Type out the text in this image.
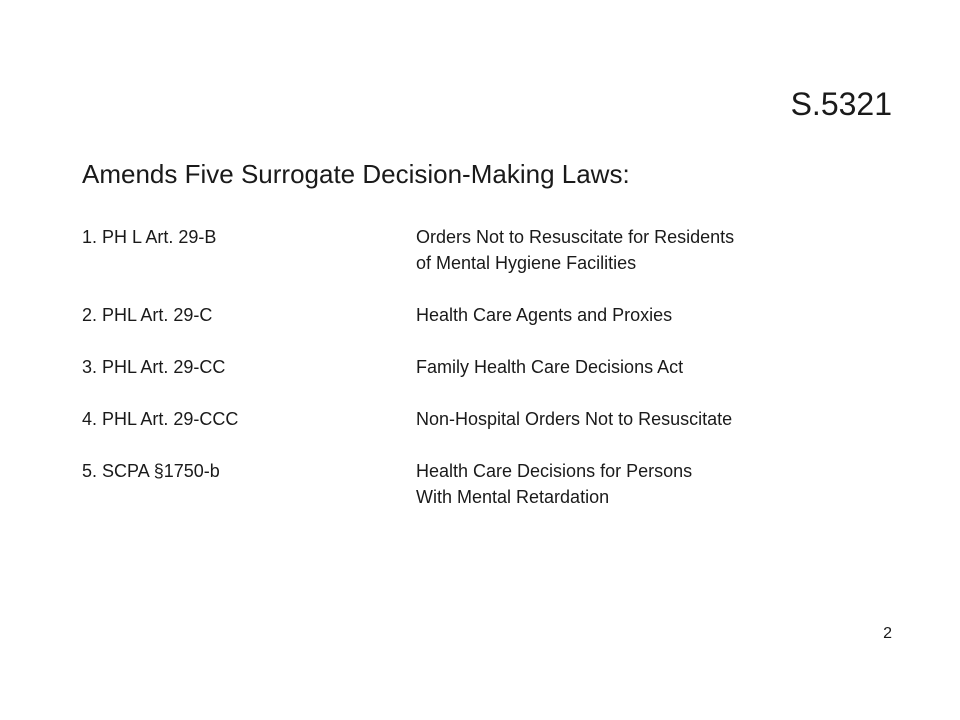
S.5321
Amends Five Surrogate Decision-Making Laws:
1. PH L Art. 29-B	Orders Not to Resuscitate for Residents
of Mental Hygiene Facilities
2. PHL Art. 29-C	Health Care Agents and Proxies
3. PHL Art. 29-CC	Family Health Care Decisions Act
4. PHL Art. 29-CCC	Non-Hospital Orders Not to Resuscitate
5. SCPA §1750-b	Health Care Decisions for Persons
With Mental Retardation
2
